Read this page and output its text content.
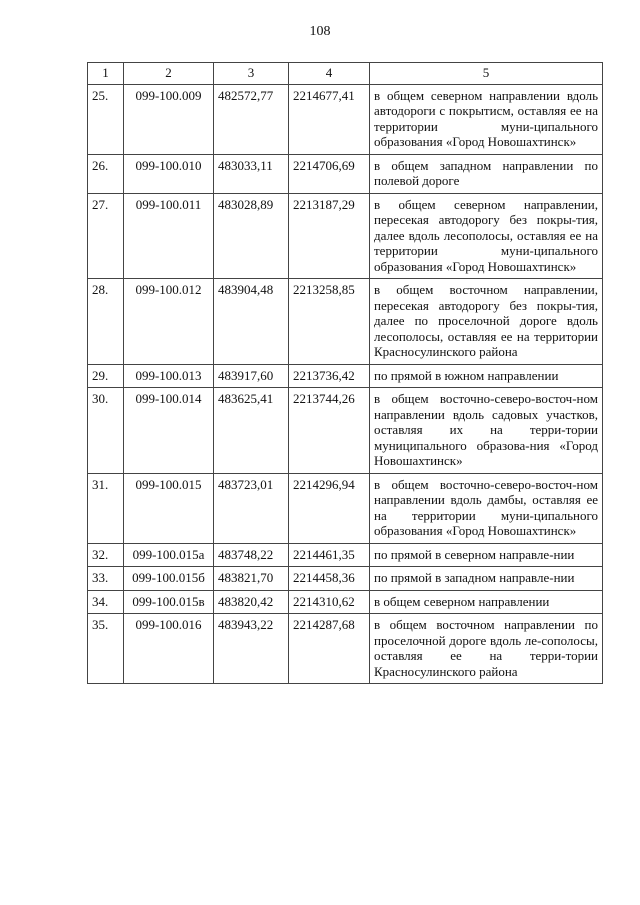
108
1	2	3	4	5
25.	099-100.009	482572,77	2214677,41	в общем северном направлении вдоль автодороги с покрытисм, оставляя ее на территории муни-ципального образования «Город Новошахтинск»
26.	099-100.010	483033,11	2214706,69	в общем западном направлении по полевой дороге
27.	099-100.011	483028,89	2213187,29	в общем северном направлении, пересекая автодорогу без покры-тия, далее вдоль лесополосы, оставляя ее на территории муни-ципального образования «Город Новошахтинск»
28.	099-100.012	483904,48	2213258,85	в общем восточном направлении, пересекая автодорогу без покры-тия, далее по проселочной дороге вдоль лесополосы, оставляя ее на территории Красносулинского района
29.	099-100.013	483917,60	2213736,42	по прямой в южном направлении
30.	099-100.014	483625,41	2213744,26	в общем восточно-северо-восточ-ном направлении вдоль садовых участков, оставляя их на терри-тории муниципального образова-ния «Город Новошахтинск»
31.	099-100.015	483723,01	2214296,94	в общем восточно-северо-восточ-ном направлении вдоль дамбы, оставляя ее на территории муни-ципального образования «Город Новошахтинск»
32.	099-100.015а	483748,22	2214461,35	по прямой в северном направле-нии
33.	099-100.015б	483821,70	2214458,36	по прямой в западном направле-нии
34.	099-100.015в	483820,42	2214310,62	в общем северном направлении
35.	099-100.016	483943,22	2214287,68	в общем восточном направлении по проселочной дороге вдоль ле-сополосы, оставляя ее на терри-тории Красносулинского района
